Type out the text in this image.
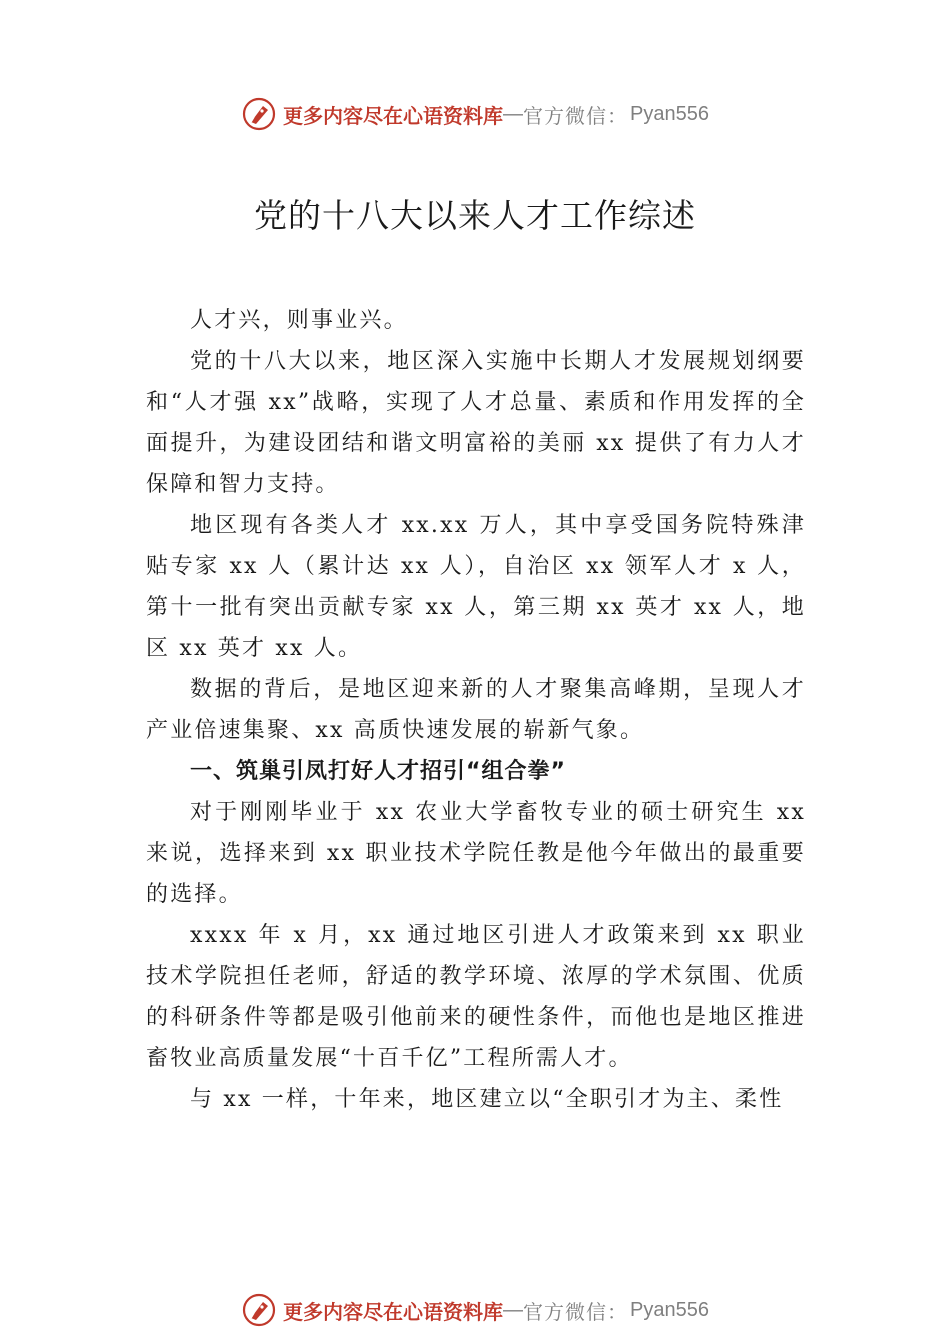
更多内容尽在心语资料库 — 官方微信： Pyan556
党的十八大以来人才工作综述

人才兴，则事业兴。

党的十八大以来，地区深入实施中长期人才发展规划纲要和“人才强 xx”战略，实现了人才总量、素质和作用发挥的全面提升，为建设团结和谐文明富裕的美丽 xx 提供了有力人才保障和智力支持。

地区现有各类人才 xx.xx 万人，其中享受国务院特殊津贴专家 xx 人（累计达 xx 人），自治区 xx 领军人才 x 人，第十一批有突出贡献专家 xx 人，第三期 xx 英才 xx 人，地区 xx 英才 xx 人。

数据的背后，是地区迎来新的人才聚集高峰期，呈现人才产业倍速集聚、xx 高质快速发展的崭新气象。

一、筑巢引凤打好人才招引“组合拳”

对于刚刚毕业于 xx 农业大学畜牧专业的硕士研究生 xx 来说，选择来到 xx 职业技术学院任教是他今年做出的最重要的选择。

xxxx 年 x 月，xx 通过地区引进人才政策来到 xx 职业技术学院担任老师，舒适的教学环境、浓厚的学术氛围、优质的科研条件等都是吸引他前来的硬性条件，而他也是地区推进畜牧业高质量发展“十百千亿”工程所需人才。

与 xx 一样，十年来，地区建立以“全职引才为主、柔性

更多内容尽在心语资料库 — 官方微信： Pyan556
